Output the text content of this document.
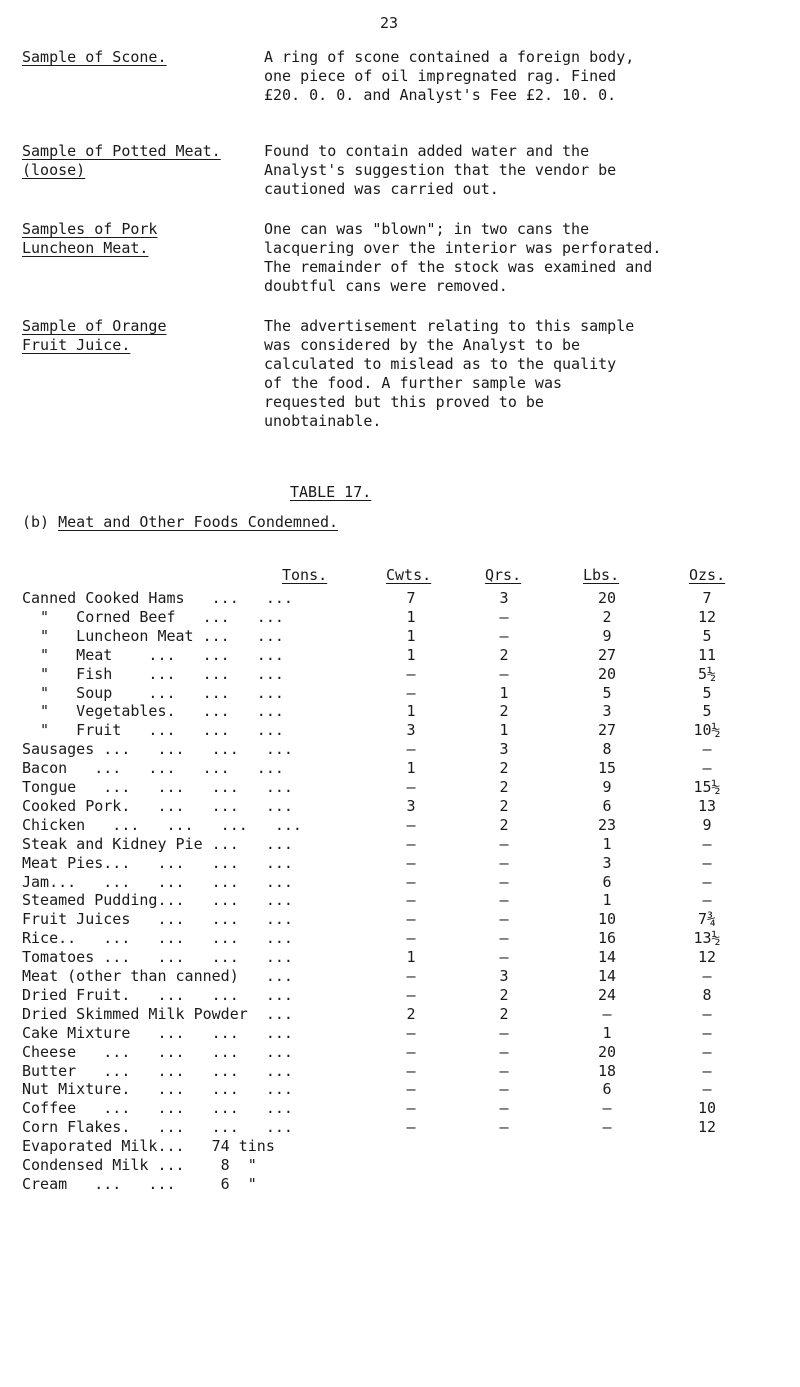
23
Sample of Scone.	A ring of scone contained a foreign body,
one piece of oil impregnated rag. Fined
£20. 0. 0. and Analyst's Fee £2. 10. 0.
Sample of Potted Meat.
(loose)
Found to contain added water and the
Analyst's suggestion that the vendor be
cautioned was carried out.
Samples of Pork
Luncheon Meat.
One can was "blown"; in two cans the
lacquering over the interior was perforated.
The remainder of the stock was examined and
doubtful cans were removed.
Sample of Orange
Fruit Juice.
The advertisement relating to this sample
was considered by the Analyst to be
calculated to mislead as to the quality
of the food. A further sample was
requested but this proved to be
unobtainable.
TABLE 17.
(b) Meat and Other Foods Condemned.
Tons.	Cwts.	Qrs.	Lbs.	Ozs.
Canned Cooked Hams   ...   ...	7	3	20	7
"   Corned Beef   ...   ...	1	–	2	12
"   Luncheon Meat ...   ...	1	–	9	5
"   Meat    ...   ...   ...	1	2	27	11
"   Fish    ...   ...   ...	–	–	20	5½
"   Soup    ...   ...   ...	–	1	5	5
"   Vegetables.   ...   ...	1	2	3	5
"   Fruit   ...   ...   ...	3	1	27	10½
Sausages ...   ...   ...   ...	–	3	8	–
Bacon   ...   ...   ...   ...	1	2	15	–
Tongue   ...   ...   ...   ...	–	2	9	15½
Cooked Pork.   ...   ...   ...	3	2	6	13
Chicken   ...   ...   ...   ...	–	2	23	9
Steak and Kidney Pie ...   ...	–	–	1	–
Meat Pies...   ...   ...   ...	–	–	3	–
Jam...   ...   ...   ...   ...	–	–	6	–
Steamed Pudding...   ...   ...	–	–	1	–
Fruit Juices   ...   ...   ...	–	–	10	7¾
Rice..   ...   ...   ...   ...	–	–	16	13½
Tomatoes ...   ...   ...   ...	1	–	14	12
Meat (other than canned)   ...	–	3	14	–
Dried Fruit.   ...   ...   ...	–	2	24	8
Dried Skimmed Milk Powder  ...	2	2	–	–
Cake Mixture   ...   ...   ...	–	–	1	–
Cheese   ...   ...   ...   ...	–	–	20	–
Butter   ...   ...   ...   ...	–	–	18	–
Nut Mixture.   ...   ...   ...	–	–	6	–
Coffee   ...   ...   ...   ...	–	–	–	10
Corn Flakes.   ...   ...   ...	–	–	–	12
Evaporated Milk...   74 tins
Condensed Milk ...    8  "
Cream   ...   ...     6  "
